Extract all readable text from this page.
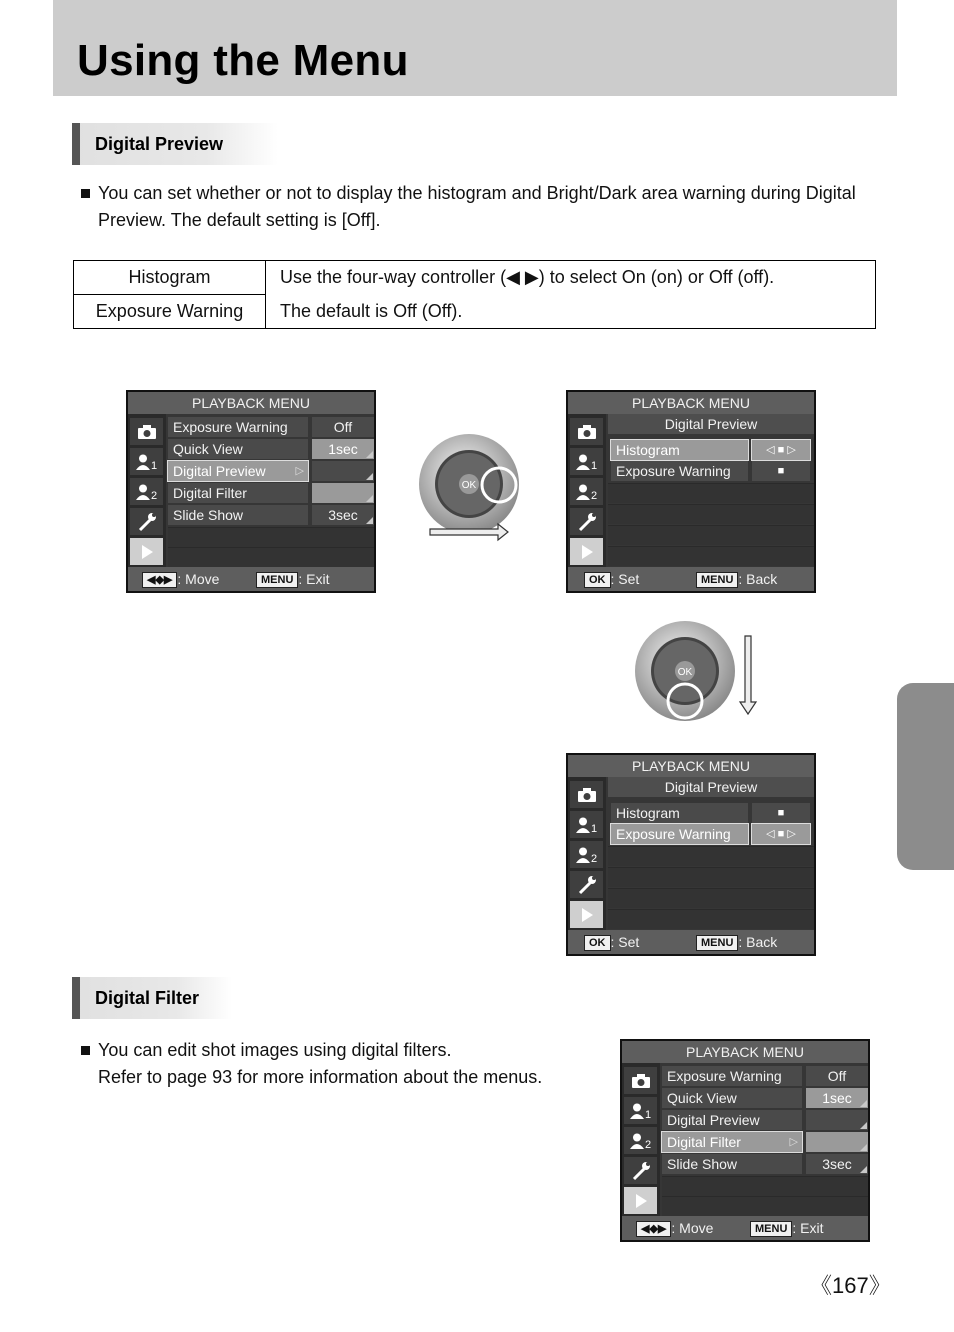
Using the Menu
Digital Preview
You can set whether or not to display the histogram and Bright/Dark area warning during Digital
Preview. The default setting is [Off].
Histogram	Use the four-way controller (◀ ▶) to select On (on) or Off (off).
Exposure Warning	The default is Off (Off).
PLAYBACK MENU
1
2
Exposure Warning	Off
Quick View	1sec
Digital Preview	▷
Digital Filter
Slide Show	3sec
◀◆▶ : Move	MENU : Exit
OK
PLAYBACK MENU
1
2
Digital Preview
Histogram	◁ ■ ▷
Exposure Warning	■
OK : Set	MENU : Back
OK
PLAYBACK MENU
1
2
Digital Preview
Histogram	■
Exposure Warning	◁ ■ ▷
OK : Set	MENU : Back
Digital Filter
You can edit shot images using digital filters.
Refer to page 93 for more information about the menus.
PLAYBACK MENU
1
2
Exposure Warning	Off
Quick View	1sec
Digital Preview
Digital Filter	▷
Slide Show	3sec
◀◆▶ : Move	MENU : Exit
《167》
